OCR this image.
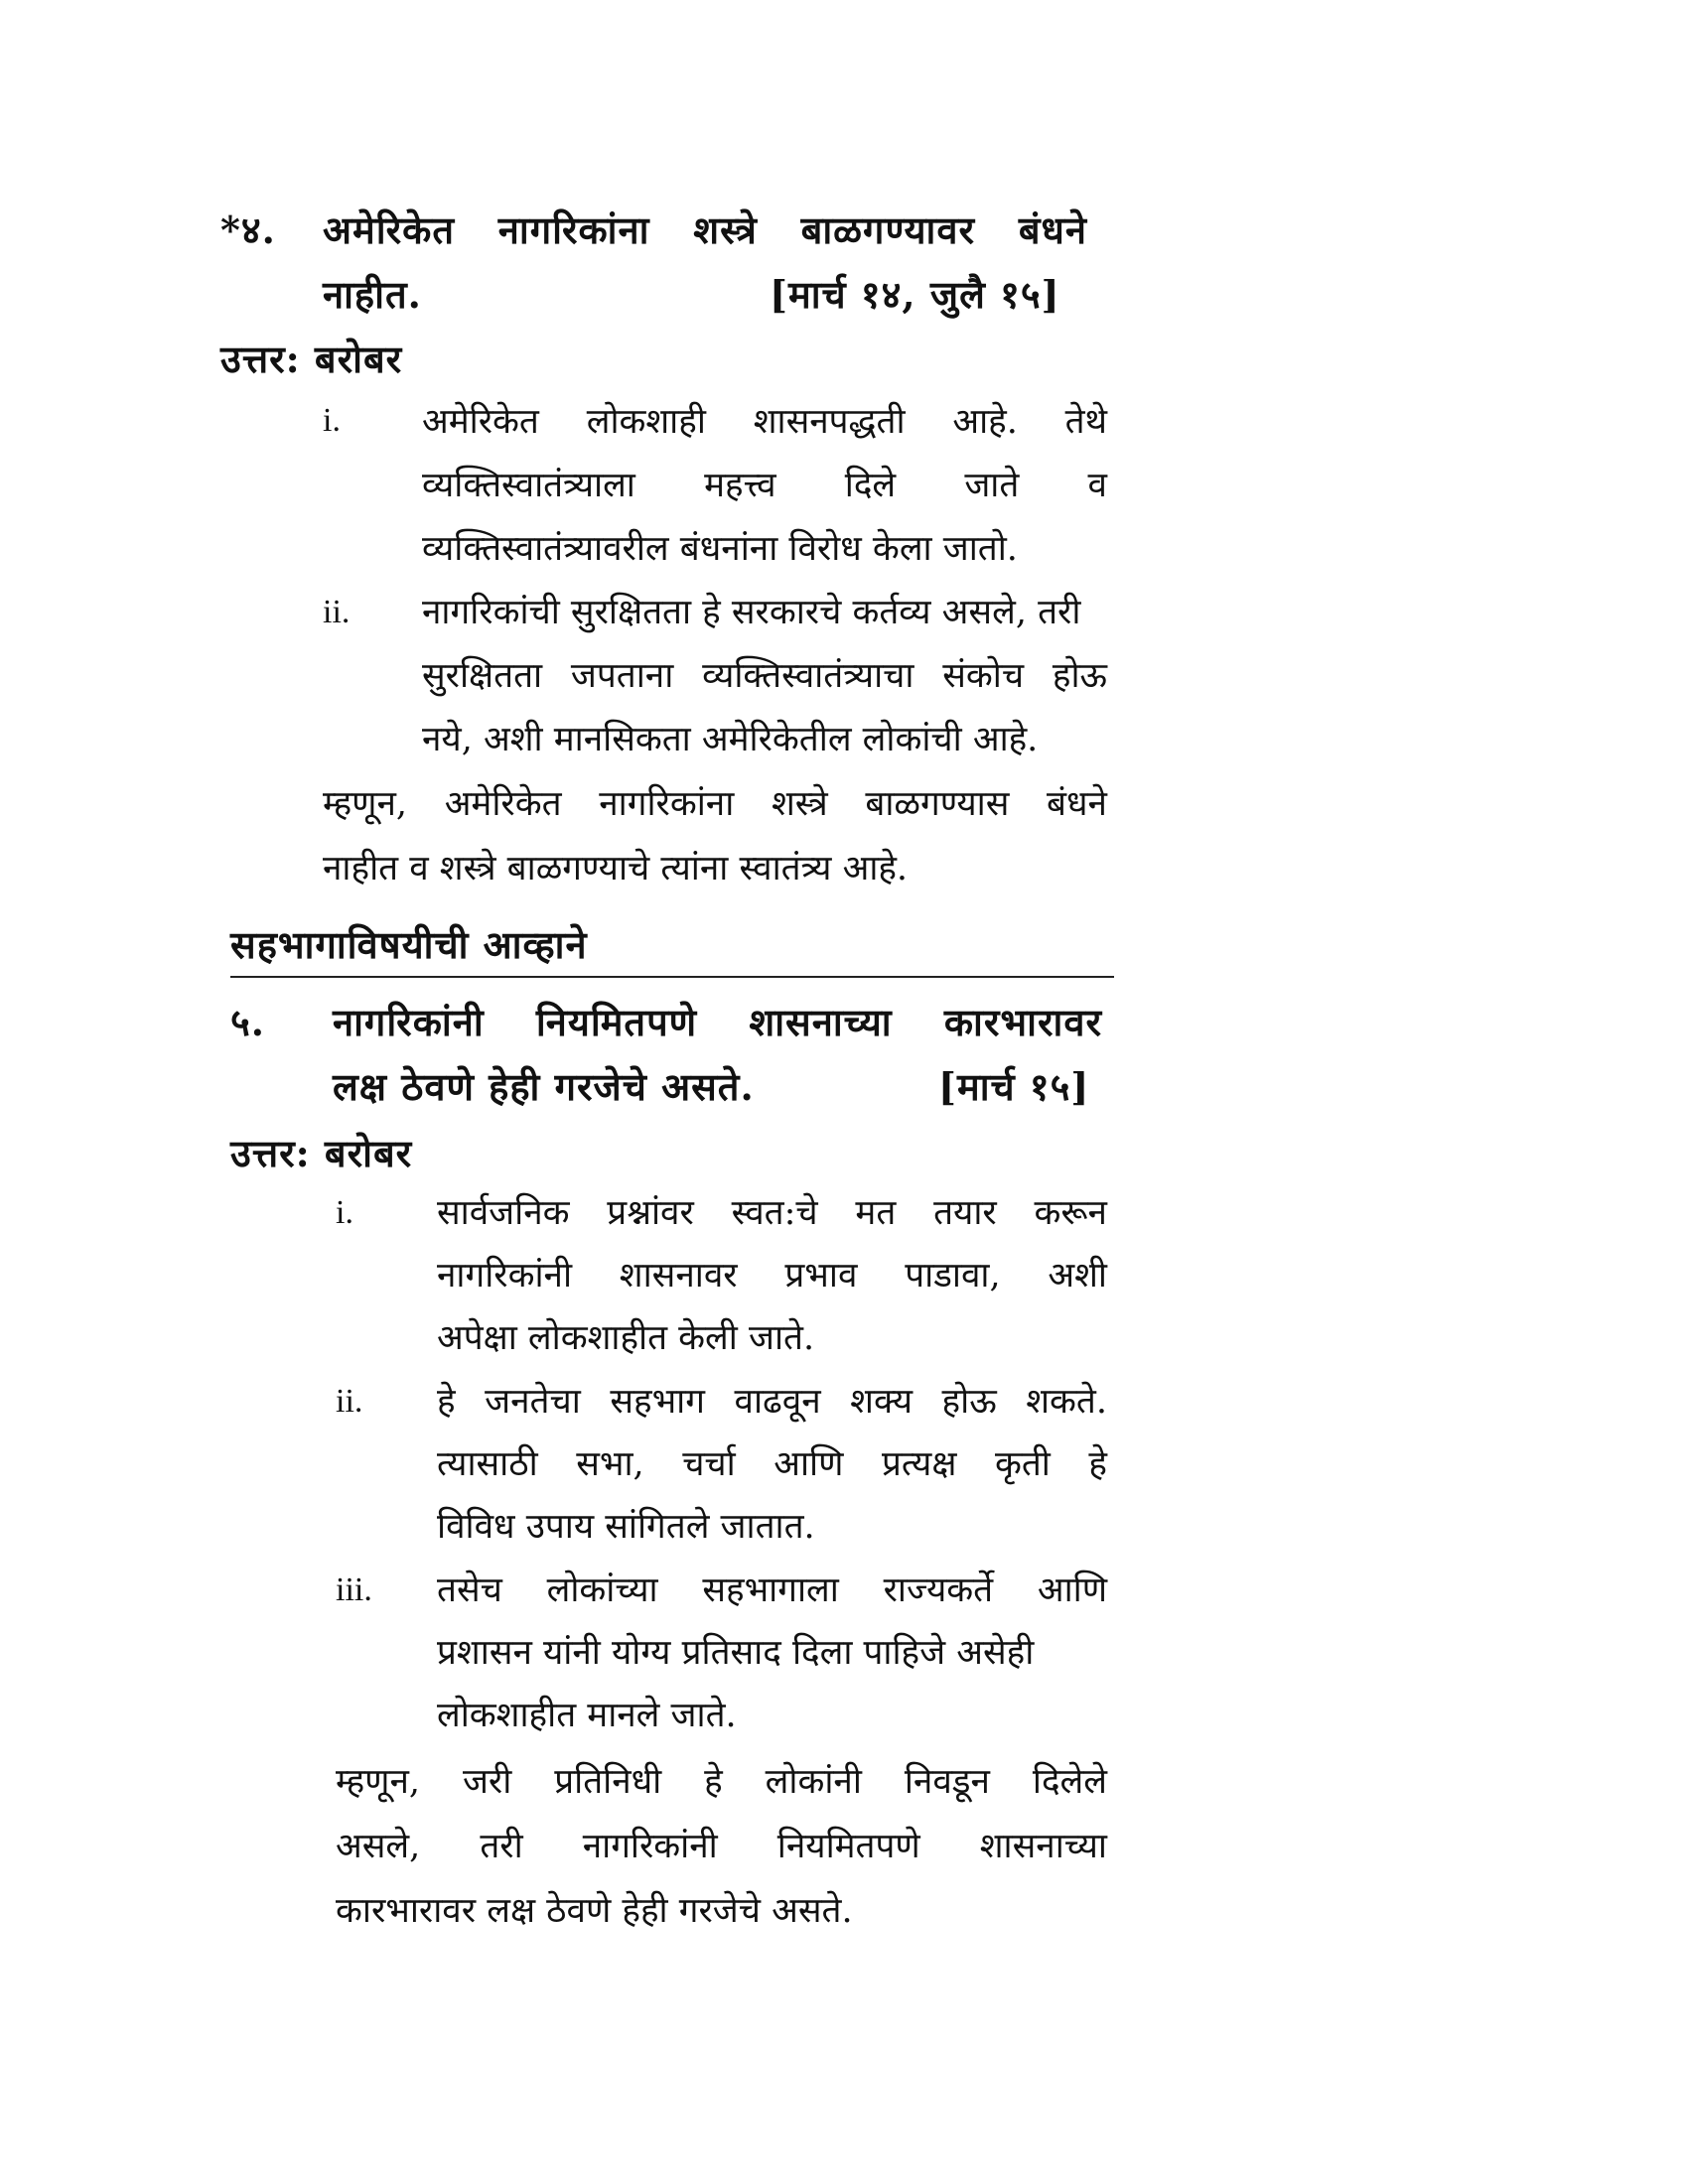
*४. अमेरिकेत नागरिकांना शस्त्रे बाळगण्यावर बंधने
नाहीत.	[मार्च १४, जुलै १५]
उत्तर: बरोबर
i. अमेरिकेत लोकशाही शासनपद्धती आहे. तेथे
व्यक्तिस्वातंत्र्याला महत्त्व दिले जाते व
व्यक्तिस्वातंत्र्यावरील बंधनांना विरोध केला जातो.
ii. नागरिकांची सुरक्षितता हे सरकारचे कर्तव्य असले, तरी
सुरक्षितता जपताना व्यक्तिस्वातंत्र्याचा संकोच होऊ
नये, अशी मानसिकता अमेरिकेतील लोकांची आहे.
म्हणून, अमेरिकेत नागरिकांना शस्त्रे बाळगण्यास बंधने
नाहीत व शस्त्रे बाळगण्याचे त्यांना स्वातंत्र्य आहे.
सहभागाविषयीची आव्हाने
५. नागरिकांनी नियमितपणे शासनाच्या कारभारावर
लक्ष ठेवणे हेही गरजेचे असते.	[मार्च १५]
उत्तर: बरोबर
i. सार्वजनिक प्रश्नांवर स्वत:चे मत तयार करून
नागरिकांनी शासनावर प्रभाव पाडावा, अशी
अपेक्षा लोकशाहीत केली जाते.
ii. हे जनतेचा सहभाग वाढवून शक्य होऊ शकते.
त्यासाठी सभा, चर्चा आणि प्रत्यक्ष कृती हे
विविध उपाय सांगितले जातात.
iii. तसेच लोकांच्या सहभागाला राज्यकर्ते आणि
प्रशासन यांनी योग्य प्रतिसाद दिला पाहिजे असेही
लोकशाहीत मानले जाते.
म्हणून, जरी प्रतिनिधी हे लोकांनी निवडून दिलेले
असले, तरी नागरिकांनी नियमितपणे शासनाच्या
कारभारावर लक्ष ठेवणे हेही गरजेचे असते.
